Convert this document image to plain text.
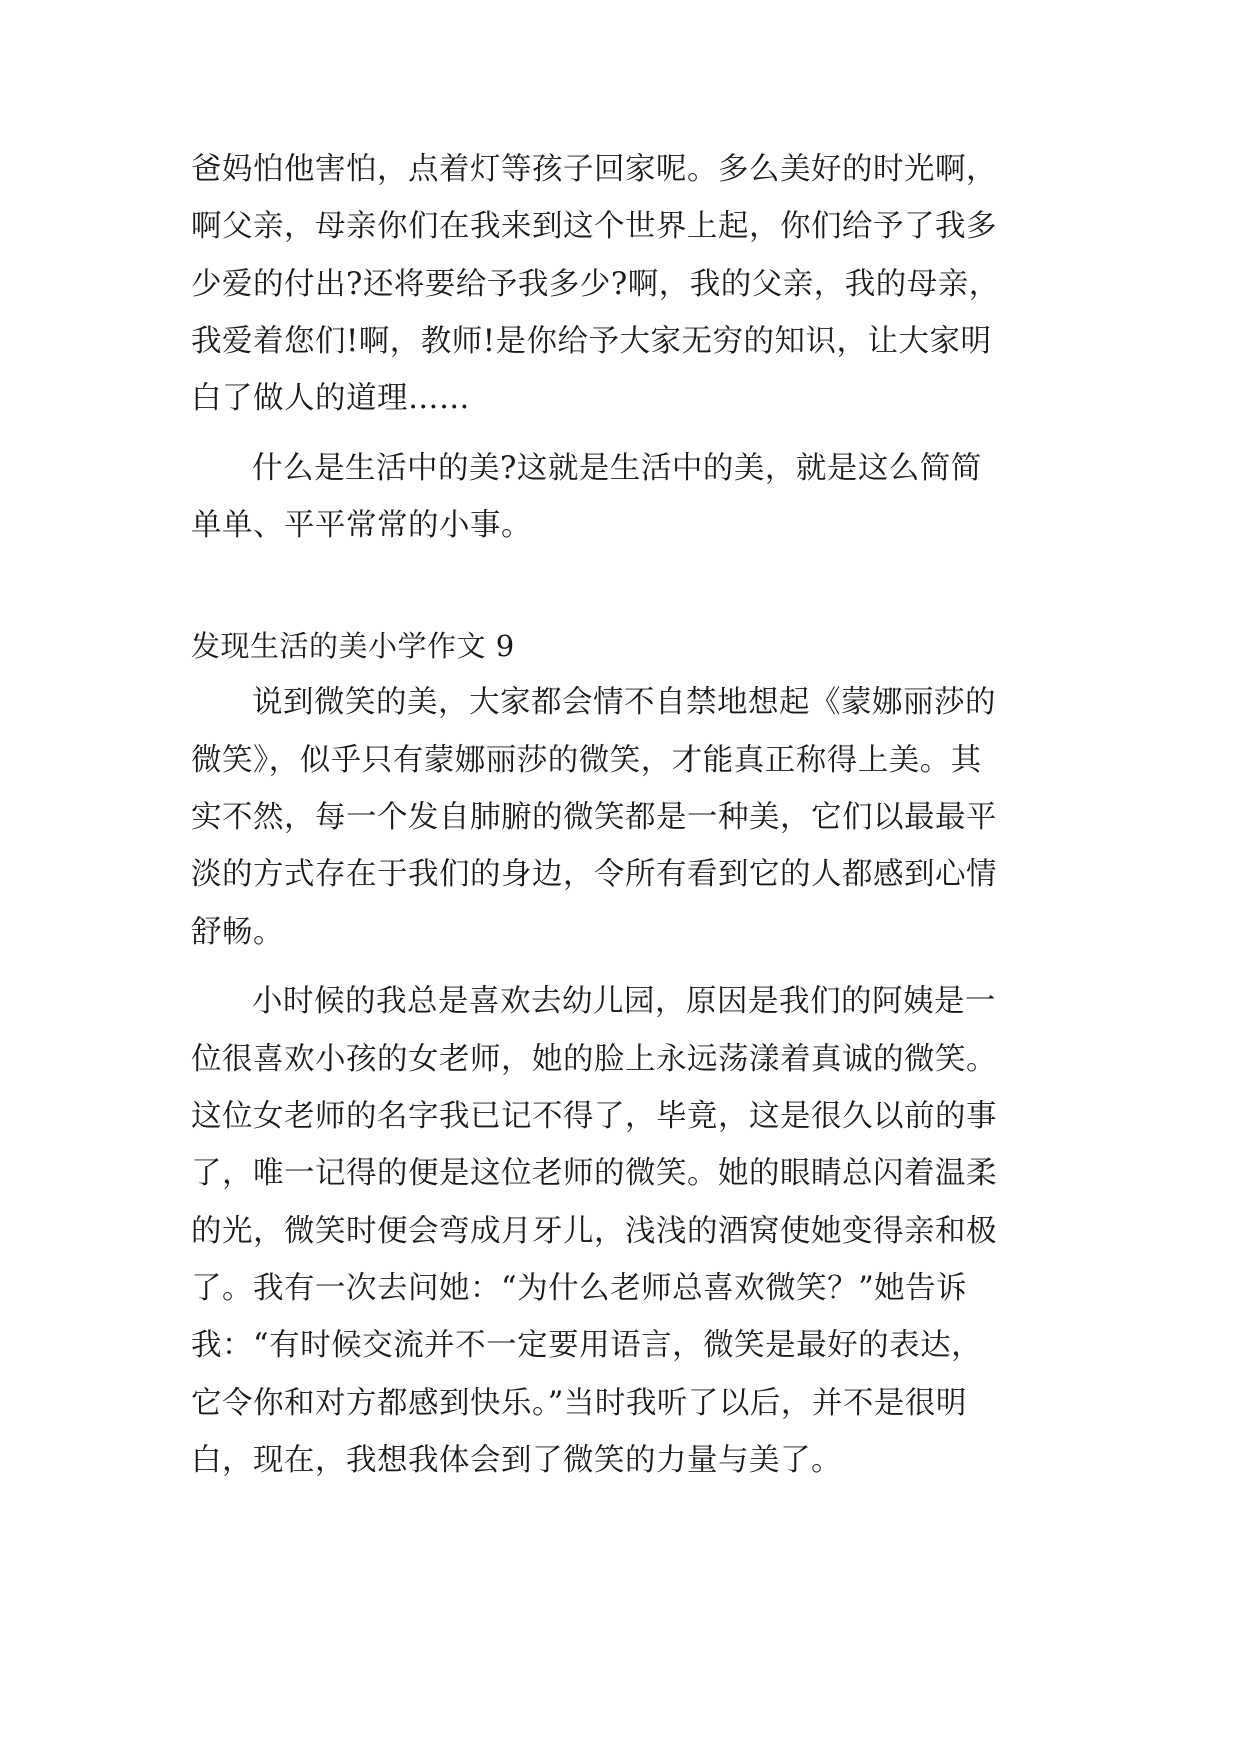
爸妈怕他害怕，点着灯等孩子回家呢。多么美好的时光啊，
啊父亲，母亲你们在我来到这个世界上起，你们给予了我多
少爱的付出?还将要给予我多少?啊，我的父亲，我的母亲，
我爱着您们!啊，教师!是你给予大家无穷的知识，让大家明
白了做人的道理……
什么是生活中的美?这就是生活中的美，就是这么简简
单单、平平常常的小事。
发现生活的美小学作文 9
说到微笑的美，大家都会情不自禁地想起《蒙娜丽莎的
微笑》，似乎只有蒙娜丽莎的微笑，才能真正称得上美。其
实不然，每一个发自肺腑的微笑都是一种美，它们以最最平
淡的方式存在于我们的身边，令所有看到它的人都感到心情
舒畅。
小时候的我总是喜欢去幼儿园，原因是我们的阿姨是一
位很喜欢小孩的女老师，她的脸上永远荡漾着真诚的微笑。
这位女老师的名字我已记不得了，毕竟，这是很久以前的事
了，唯一记得的便是这位老师的微笑。她的眼睛总闪着温柔
的光，微笑时便会弯成月牙儿，浅浅的酒窝使她变得亲和极
了。我有一次去问她：“为什么老师总喜欢微笑？”她告诉
我：“有时候交流并不一定要用语言，微笑是最好的表达，
它令你和对方都感到快乐。”当时我听了以后，并不是很明
白，现在，我想我体会到了微笑的力量与美了。
